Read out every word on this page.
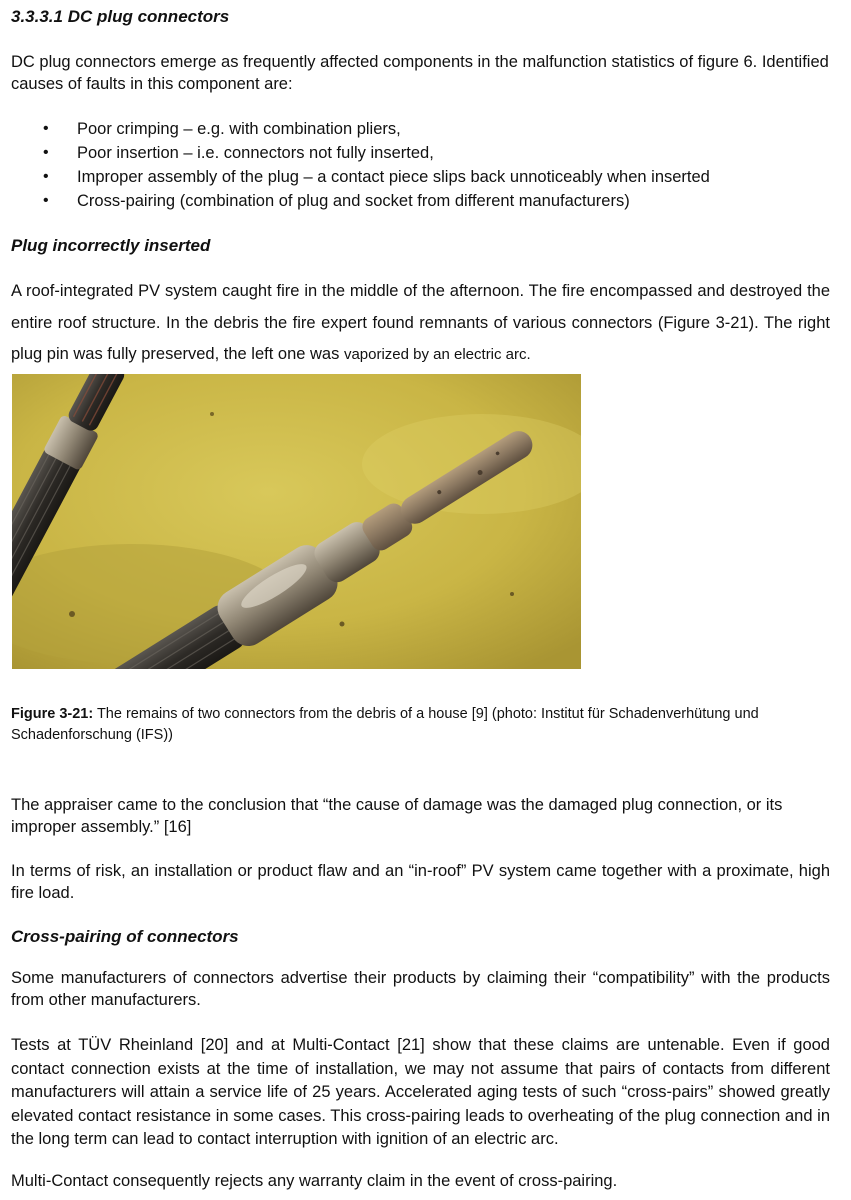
3.3.3.1 DC plug connectors

DC plug connectors emerge as frequently affected components in the malfunction statistics of figure 6. Identified causes of faults in this component are:

• Poor crimping – e.g. with combination pliers,
• Poor insertion – i.e. connectors not fully inserted,
• Improper assembly of the plug – a contact piece slips back unnoticeably when inserted
• Cross-pairing (combination of plug and socket from different manufacturers)
Plug incorrectly inserted

A roof-integrated PV system caught fire in the middle of the afternoon. The fire encompassed and destroyed the entire roof structure. In the debris the fire expert found remnants of various connectors (Figure 3-21). The right plug pin was fully preserved, the left one was vaporized by an electric arc.

Figure 3-21: The remains of two connectors from the debris of a house [9] (photo: Institut für Schadenverhütung und Schadenforschung (IFS))

The appraiser came to the conclusion that “the cause of damage was the damaged plug connection, or its improper assembly.” [16]

In terms of risk, an installation or product flaw and an “in-roof” PV system came together with a proximate, high fire load.

Cross-pairing of connectors

Some manufacturers of connectors advertise their products by claiming their “compatibility” with the products from other manufacturers.

Tests at TÜV Rheinland [20] and at Multi-Contact [21] show that these claims are untenable. Even if good contact connection exists at the time of installation, we may not assume that pairs of contacts from different manufacturers will attain a service life of 25 years. Accelerated aging tests of such “cross-pairs” showed greatly elevated contact resistance in some cases. This cross-pairing leads to overheating of the plug connection and in the long term can lead to contact interruption with ignition of an electric arc.

Multi-Contact consequently rejects any warranty claim in the event of cross-pairing.
